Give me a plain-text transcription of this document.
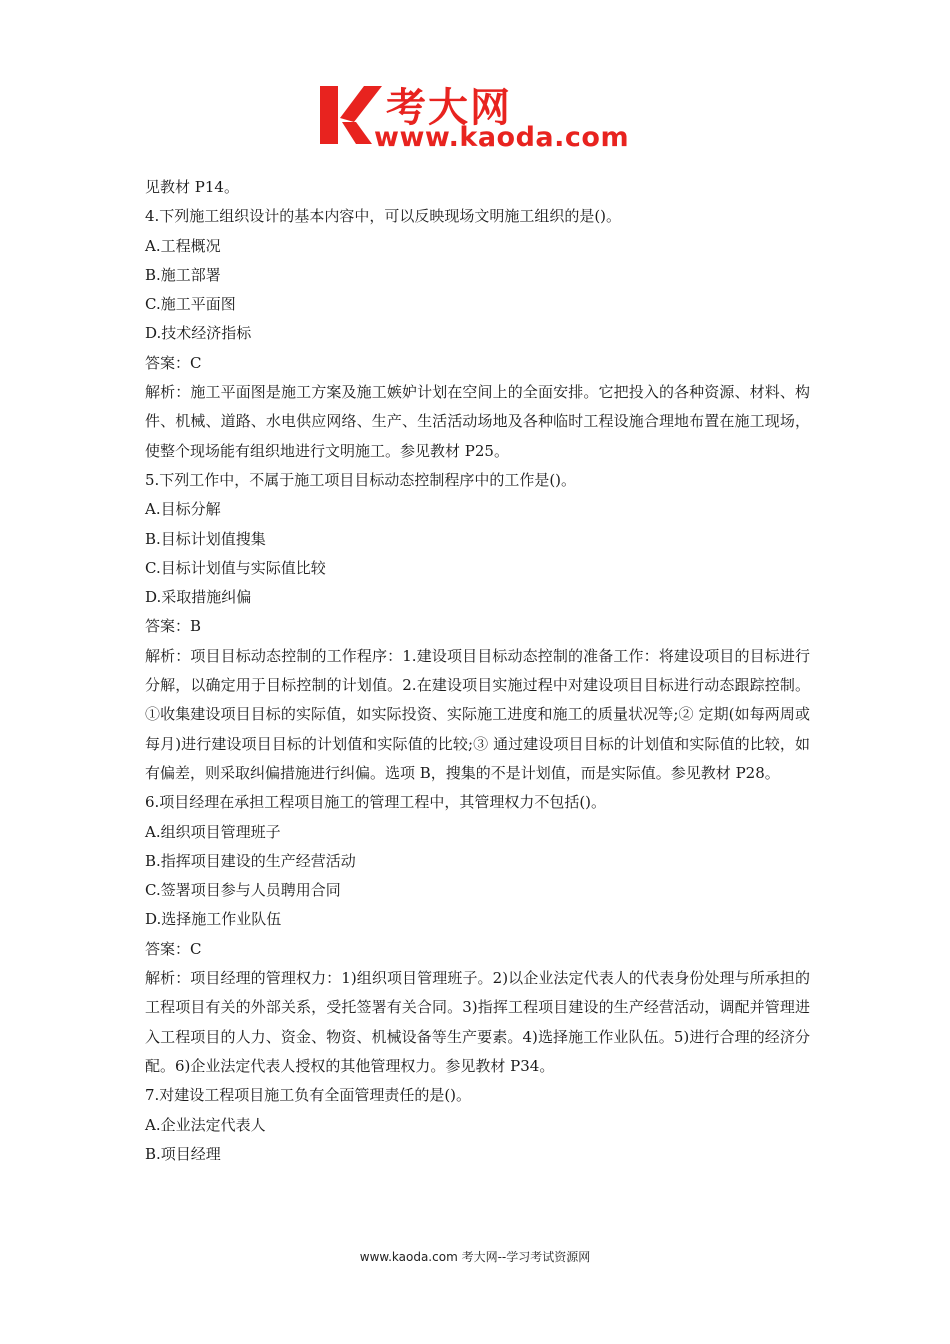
考大网
www.kaoda.com

见教材 P14。

4.下列施工组织设计的基本内容中，可以反映现场文明施工组织的是()。

A.工程概况

B.施工部署

C.施工平面图

D.技术经济指标

答案：C

解析：施工平面图是施工方案及施工嫉妒计划在空间上的全面安排。它把投入的各种资源、材料、构件、机械、道路、水电供应网络、生产、生活活动场地及各种临时工程设施合理地布置在施工现场，使整个现场能有组织地进行文明施工。参见教材 P25。

5.下列工作中，不属于施工项目目标动态控制程序中的工作是()。

A.目标分解

B.目标计划值搜集

C.目标计划值与实际值比较

D.采取措施纠偏

答案：B

解析：项目目标动态控制的工作程序：1.建设项目目标动态控制的准备工作：将建设项目的目标进行分解，以确定用于目标控制的计划值。2.在建设项目实施过程中对建设项目目标进行动态跟踪控制。①收集建设项目目标的实际值，如实际投资、实际施工进度和施工的质量状况等;② 定期(如每两周或每月)进行建设项目目标的计划值和实际值的比较;③ 通过建设项目目标的计划值和实际值的比较，如有偏差，则采取纠偏措施进行纠偏。选项 B，搜集的不是计划值，而是实际值。参见教材 P28。

6.项目经理在承担工程项目施工的管理工程中，其管理权力不包括()。

A.组织项目管理班子

B.指挥项目建设的生产经营活动

C.签署项目参与人员聘用合同

D.选择施工作业队伍

答案：C

解析：项目经理的管理权力：1)组织项目管理班子。2)以企业法定代表人的代表身份处理与所承担的工程项目有关的外部关系，受托签署有关合同。3)指挥工程项目建设的生产经营活动，调配并管理进入工程项目的人力、资金、物资、机械设备等生产要素。4)选择施工作业队伍。5)进行合理的经济分配。6)企业法定代表人授权的其他管理权力。参见教材 P34。

7.对建设工程项目施工负有全面管理责任的是()。

A.企业法定代表人

B.项目经理

www.kaoda.com 考大网--学习考试资源网
